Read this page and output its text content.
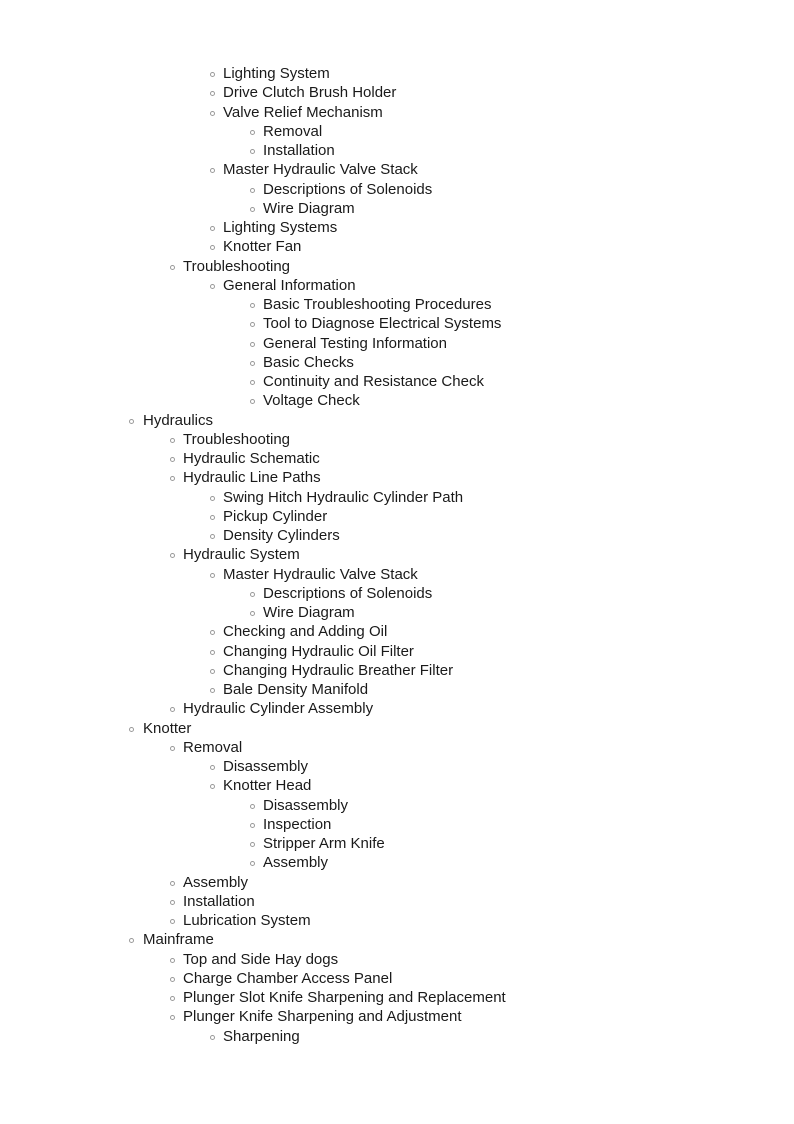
Lighting System
Drive Clutch Brush Holder
Valve Relief Mechanism
Removal
Installation
Master Hydraulic Valve Stack
Descriptions of Solenoids
Wire Diagram
Lighting Systems
Knotter Fan
Troubleshooting
General Information
Basic Troubleshooting Procedures
Tool to Diagnose Electrical Systems
General Testing Information
Basic Checks
Continuity and Resistance Check
Voltage Check
Hydraulics
Troubleshooting
Hydraulic Schematic
Hydraulic Line Paths
Swing Hitch Hydraulic Cylinder Path
Pickup Cylinder
Density Cylinders
Hydraulic System
Master Hydraulic Valve Stack
Descriptions of Solenoids
Wire Diagram
Checking and Adding Oil
Changing Hydraulic Oil Filter
Changing Hydraulic Breather Filter
Bale Density Manifold
Hydraulic Cylinder Assembly
Knotter
Removal
Disassembly
Knotter Head
Disassembly
Inspection
Stripper Arm Knife
Assembly
Assembly
Installation
Lubrication System
Mainframe
Top and Side Hay dogs
Charge Chamber Access Panel
Plunger Slot Knife Sharpening and Replacement
Plunger Knife Sharpening and Adjustment
Sharpening
